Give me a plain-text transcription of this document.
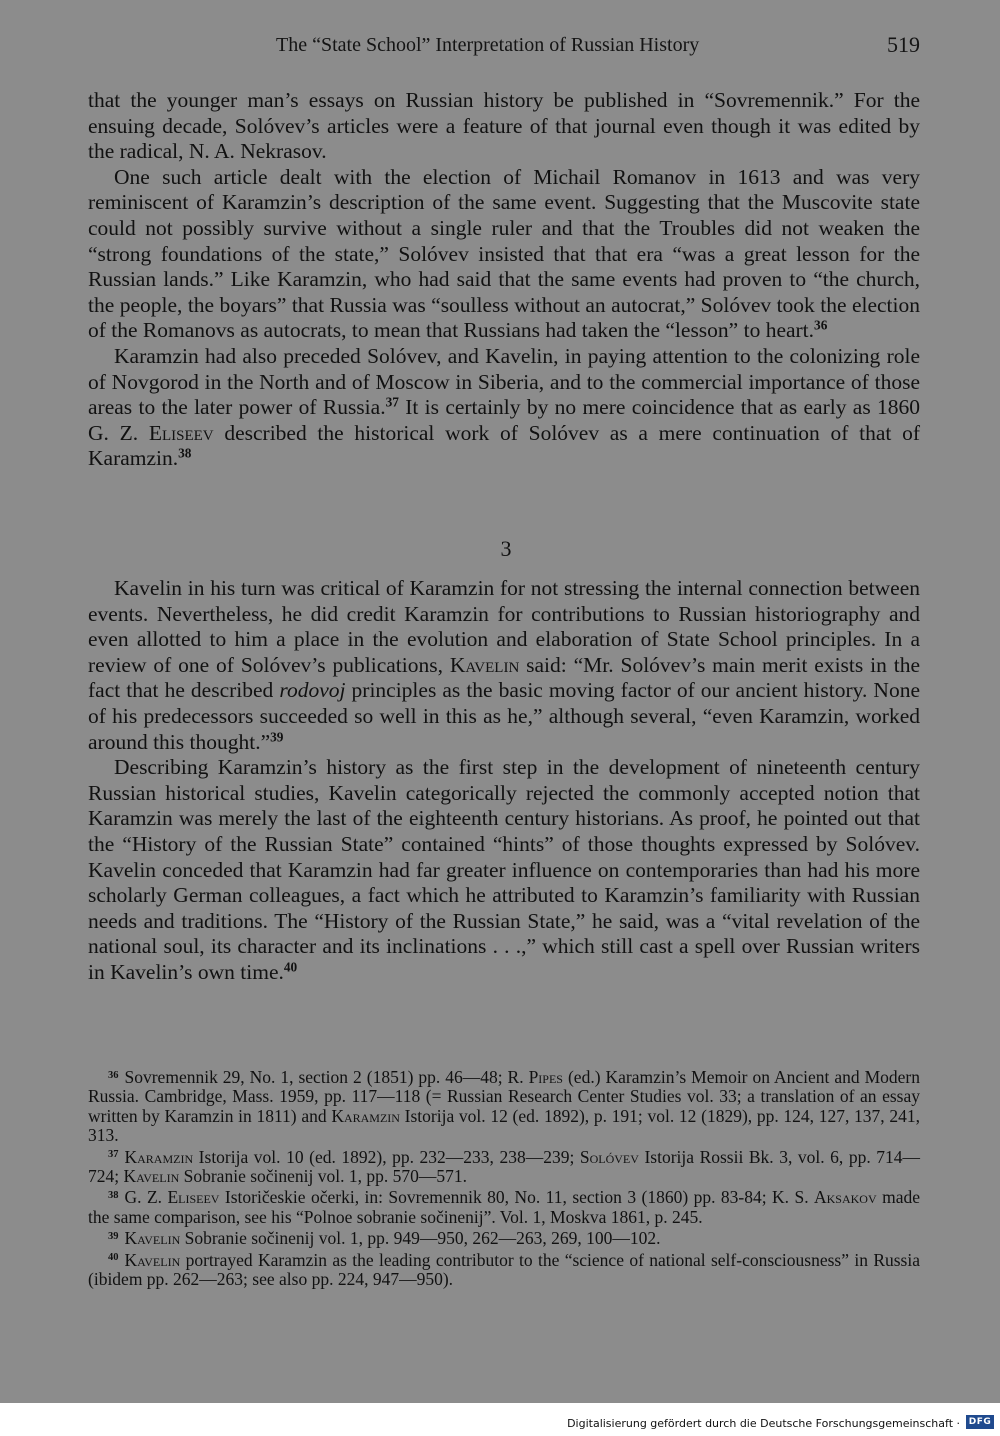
The “State School” Interpretation of Russian History	519

that the younger man’s essays on Russian history be published in “Sovremennik.” For the ensuing decade, Solóvev’s articles were a feature of that journal even though it was edited by the radical, N. A. Nekrasov.

One such article dealt with the election of Michail Romanov in 1613 and was very reminiscent of Karamzin’s description of the same event. Suggesting that the Muscovite state could not possibly survive without a single ruler and that the Troubles did not weaken the “strong foundations of the state,” Solóvev insisted that that era “was a great lesson for the Russian lands.” Like Karamzin, who had said that the same events had proven to “the church, the people, the boyars” that Russia was “soulless without an autocrat,” Solóvev took the election of the Romanovs as autocrats, to mean that Russians had taken the “lesson” to heart.$^{36}$

Karamzin had also preceded Solóvev, and Kavelin, in paying attention to the colonizing role of Novgorod in the North and of Moscow in Siberia, and to the commercial importance of those areas to the later power of Russia.$^{37}$ It is certainly by no mere coincidence that as early as 1860 G. Z. Eliseev described the historical work of Solóvev as a mere continuation of that of Karamzin.$^{38}$

3

Kavelin in his turn was critical of Karamzin for not stressing the internal connection between events. Nevertheless, he did credit Karamzin for contributions to Russian historiography and even allotted to him a place in the evolution and elaboration of State School principles. In a review of one of Solóvev’s publications, Kavelin said: “Mr. Solóvev’s main merit exists in the fact that he described rodovoj principles as the basic moving factor of our ancient history. None of his predecessors succeeded so well in this as he,” although several, “even Karamzin, worked around this thought.”$^{39}$

Describing Karamzin’s history as the first step in the development of nineteenth century Russian historical studies, Kavelin categorically rejected the commonly accepted notion that Karamzin was merely the last of the eighteenth century historians. As proof, he pointed out that the “History of the Russian State” contained “hints” of those thoughts expressed by Solóvev. Kavelin conceded that Karamzin had far greater influence on contemporaries than had his more scholarly German colleagues, a fact which he attributed to Karamzin’s familiarity with Russian needs and traditions. The “History of the Russian State,” he said, was a “vital revelation of the national soul, its character and its inclinations . . .,” which still cast a spell over Russian writers in Kavelin’s own time.$^{40}$

$^{36}$ Sovremennik 29, No. 1, section 2 (1851) pp. 46—48; R. Pipes (ed.) Karamzin’s Memoir on Ancient and Modern Russia. Cambridge, Mass. 1959, pp. 117—118 (= Russian Research Center Studies vol. 33; a translation of an essay written by Karamzin in 1811) and Karamzin Istorija vol. 12 (ed. 1892), p. 191; vol. 12 (1829), pp. 124, 127, 137, 241, 313.

$^{37}$ Karamzin Istorija vol. 10 (ed. 1892), pp. 232—233, 238—239; Solóvev Istorija Rossii Bk. 3, vol. 6, pp. 714—724; Kavelin Sobranie sočinenij vol. 1, pp. 570—571.

$^{38}$ G. Z. Eliseev Istoričeskie očerki, in: Sovremennik 80, No. 11, section 3 (1860) pp. 83-84; K. S. Aksakov made the same comparison, see his “Polnoe sobranie sočinenij”. Vol. 1, Moskva 1861, p. 245.

$^{39}$ Kavelin Sobranie sočinenij vol. 1, pp. 949—950, 262—263, 269, 100—102.

$^{40}$ Kavelin portrayed Karamzin as the leading contributor to the “science of national self-consciousness” in Russia (ibidem pp. 262—263; see also pp. 224, 947—950).

Digitalisierung gefördert durch die Deutsche Forschungsgemeinschaft · DFG
